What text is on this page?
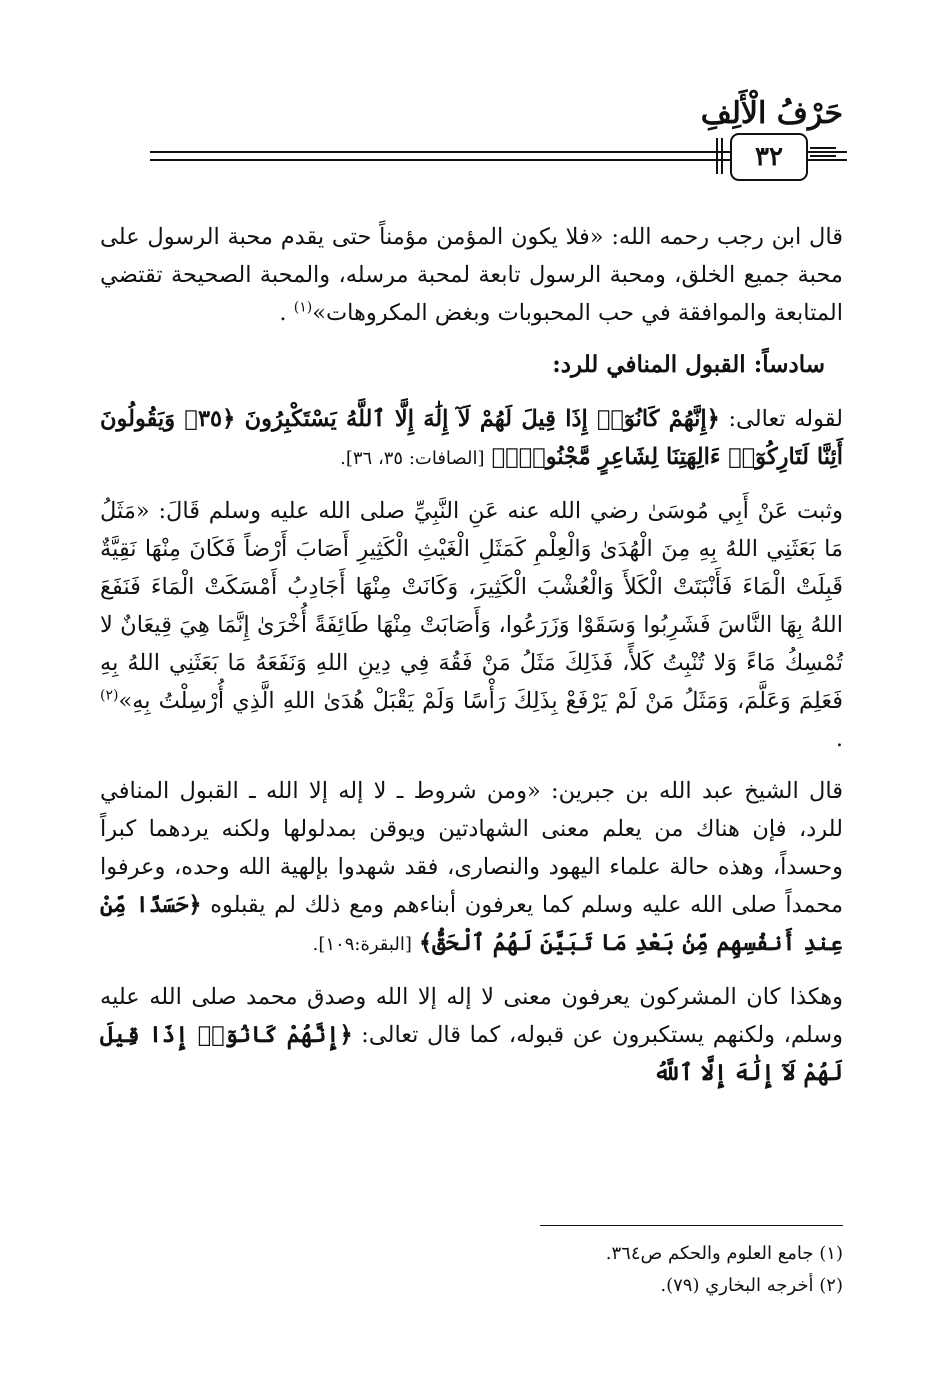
حَرْفُ الْأَلِفِ
٣٢

قال ابن رجب رحمه الله: «فلا يكون المؤمن مؤمناً حتى يقدم محبة الرسول على محبة جميع الخلق، ومحبة الرسول تابعة لمحبة مرسله، والمحبة الصحيحة تقتضي المتابعة والموافقة في حب المحبوبات وبغض المكروهات»$^{(١)}$ .

سادساً: القبول المنافي للرد:

لقوله تعالى: ﴿إِنَّهُمْ كَانُوٓا۟ إِذَا قِيلَ لَهُمْ لَآ إِلَٰهَ إِلَّا ٱللَّهُ يَسْتَكْبِرُونَ ﴿٣٥﴾ وَيَقُولُونَ أَئِنَّا لَتَارِكُوٓا۟ ءَالِهَتِنَا لِشَاعِرٍ مَّجْنُونٍۭ﴾ [الصافات: ٣٥، ٣٦].

وثبت عَنْ أَبِي مُوسَىٰ رضي الله عنه عَنِ النَّبِيِّ صلى الله عليه وسلم قَالَ: «مَثَلُ مَا بَعَثَنِي اللهُ بِهِ مِنَ الْهُدَىٰ وَالْعِلْمِ كَمَثَلِ الْغَيْثِ الْكَثِيرِ أَصَابَ أَرْضاً فَكَانَ مِنْهَا نَقِيَّةٌ قَبِلَتْ الْمَاءَ فَأَنْبَتَتْ الْكَلأَ وَالْعُشْبَ الْكَثِيرَ، وَكَانَتْ مِنْهَا أَجَادِبُ أَمْسَكَتْ الْمَاءَ فَنَفَعَ اللهُ بِهَا النَّاسَ فَشَرِبُوا وَسَقَوْا وَزَرَعُوا، وَأَصَابَتْ مِنْهَا طَائِفَةً أُخْرَىٰ إِنَّمَا هِيَ قِيعَانٌ لا تُمْسِكُ مَاءً وَلا تُنْبِتُ كَلأً، فَذَلِكَ مَثَلُ مَنْ فَقُهَ فِي دِينِ اللهِ وَنَفَعَهُ مَا بَعَثَنِي اللهُ بِهِ فَعَلِمَ وَعَلَّمَ، وَمَثَلُ مَنْ لَمْ يَرْفَعْ بِذَلِكَ رَأْسًا وَلَمْ يَقْبَلْ هُدَىٰ اللهِ الَّذِي أُرْسِلْتُ بِهِ»$^{(٢)}$ .

قال الشيخ عبد الله بن جبرين: «ومن شروط ـ لا إله إلا الله ـ القبول المنافي للرد، فإن هناك من يعلم معنى الشهادتين ويوقن بمدلولها ولكنه يردهما كبراً وحسداً، وهذه حالة علماء اليهود والنصارى، فقد شهدوا بإلهية الله وحده، وعرفوا محمداً صلى الله عليه وسلم كما يعرفون أبناءهم ومع ذلك لم يقبلوه ﴿حَسَدًا مِّنْ عِندِ أَنفُسِهِم مِّنۢ بَعْدِ مَا تَبَيَّنَ لَهُمُ ٱلْحَقُّ﴾ [البقرة:١٠٩].

وهكذا كان المشركون يعرفون معنى لا إله إلا الله وصدق محمد صلى الله عليه وسلم، ولكنهم يستكبرون عن قبوله، كما قال تعالى: ﴿إِنَّهُمْ كَانُوٓا۟ إِذَا قِيلَ لَهُمْ لَآ إِلَٰهَ إِلَّا ٱللَّهُ

(١) جامع العلوم والحكم ص٣٦٤.

(٢) أخرجه البخاري (٧٩).
